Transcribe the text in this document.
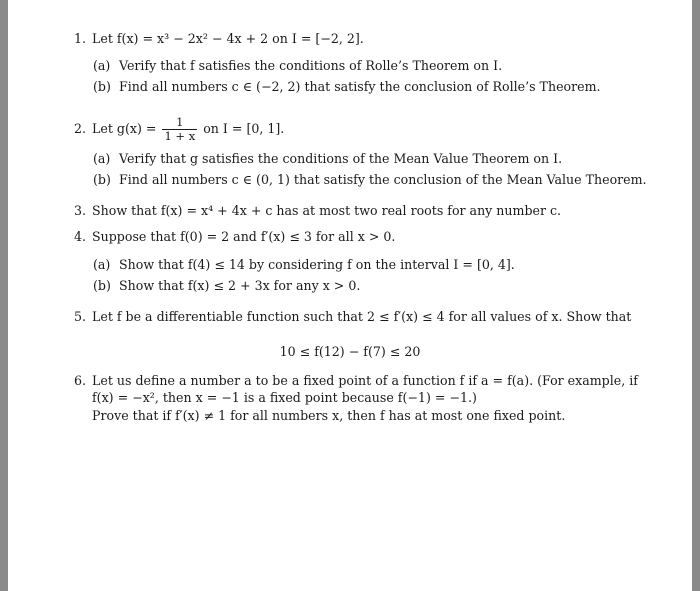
1. Let f(x) = x³ − 2x² − 4x + 2 on I = [−2, 2].
(a) Verify that f satisfies the conditions of Rolle’s Theorem on I.
(b) Find all numbers c ∈ (−2, 2) that satisfy the conclusion of Rolle’s Theorem.
2. Let $g(x) = \frac{1}{1 + x}$ on I = [0, 1].
(a) Verify that g satisfies the conditions of the Mean Value Theorem on I.
(b) Find all numbers c ∈ (0, 1) that satisfy the conclusion of the Mean Value Theorem.
3. Show that f(x) = x⁴ + 4x + c has at most two real roots for any number c.
4. Suppose that f(0) = 2 and f′(x) ≤ 3 for all x > 0.
(a) Show that f(4) ≤ 14 by considering f on the interval I = [0, 4].
(b) Show that f(x) ≤ 2 + 3x for any x > 0.
5. Let f be a differentiable function such that 2 ≤ f′(x) ≤ 4 for all values of x. Show that
10 ≤ f(12) − f(7) ≤ 20
6. Let us define a number a to be a fixed point of a function f if a = f(a). (For example, if
f(x) = −x², then x = −1 is a fixed point because f(−1) = −1.)
Prove that if f′(x) ≠ 1 for all numbers x, then f has at most one fixed point.
